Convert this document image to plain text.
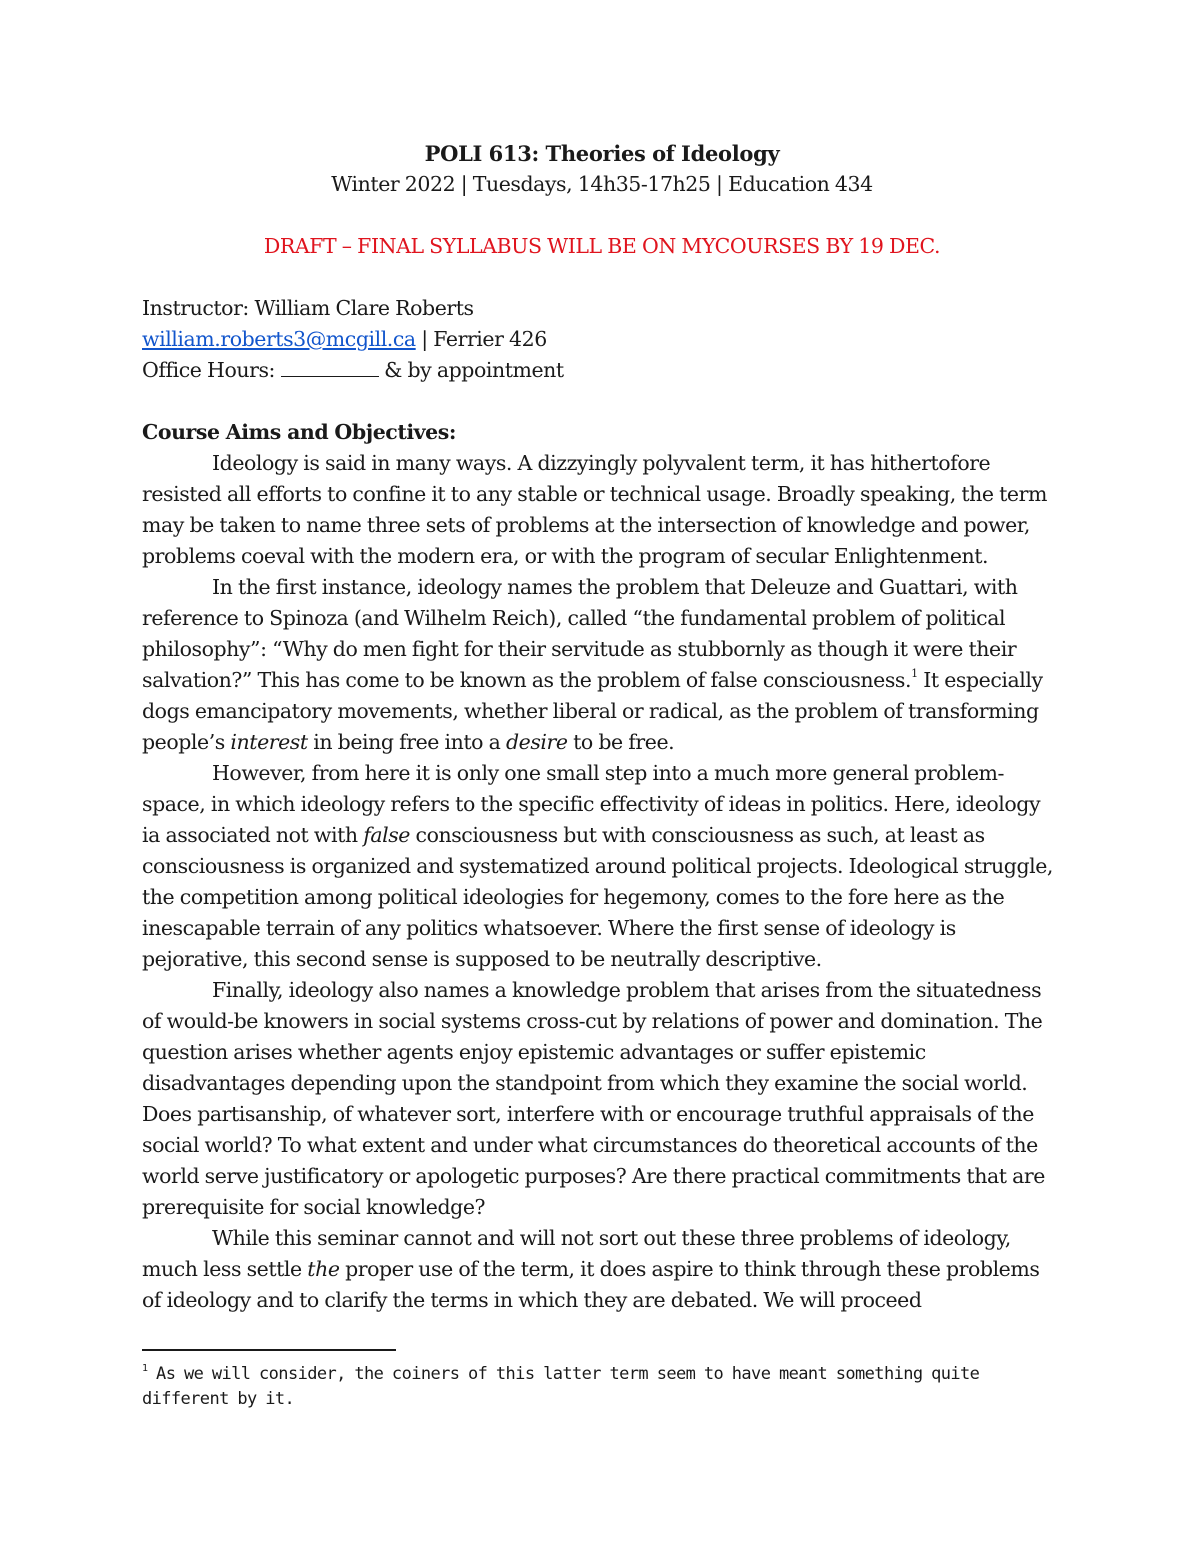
POLI 613: Theories of Ideology

Winter 2022 | Tuesdays, 14h35-17h25 | Education 434

DRAFT – FINAL SYLLABUS WILL BE ON MYCOURSES BY 19 DEC.

Instructor: William Clare Roberts

william.roberts3@mcgill.ca | Ferrier 426

Office Hours:	& by appointment

Course Aims and Objectives:

Ideology is said in many ways. A dizzyingly polyvalent term, it has hithertofore resisted all efforts to confine it to any stable or technical usage. Broadly speaking, the term may be taken to name three sets of problems at the intersection of knowledge and power, problems coeval with the modern era, or with the program of secular Enlightenment.

In the first instance, ideology names the problem that Deleuze and Guattari, with reference to Spinoza (and Wilhelm Reich), called “the fundamental problem of political philosophy”: “Why do men fight for their servitude as stubbornly as though it were their salvation?” This has come to be known as the problem of false consciousness.$^1$ It especially dogs emancipatory movements, whether liberal or radical, as the problem of transforming people’s interest in being free into a desire to be free.

However, from here it is only one small step into a much more general problem-space, in which ideology refers to the specific effectivity of ideas in politics. Here, ideology ia associated not with false consciousness but with consciousness as such, at least as consciousness is organized and systematized around political projects. Ideological struggle, the competition among political ideologies for hegemony, comes to the fore here as the inescapable terrain of any politics whatsoever. Where the first sense of ideology is pejorative, this second sense is supposed to be neutrally descriptive.

Finally, ideology also names a knowledge problem that arises from the situatedness of would-be knowers in social systems cross-cut by relations of power and domination. The question arises whether agents enjoy epistemic advantages or suffer epistemic disadvantages depending upon the standpoint from which they examine the social world. Does partisanship, of whatever sort, interfere with or encourage truthful appraisals of the social world? To what extent and under what circumstances do theoretical accounts of the world serve justificatory or apologetic purposes? Are there practical commitments that are prerequisite for social knowledge?

While this seminar cannot and will not sort out these three problems of ideology, much less settle the proper use of the term, it does aspire to think through these problems of ideology and to clarify the terms in which they are debated. We will proceed

$^1$ As we will consider, the coiners of this latter term seem to have meant something quite different by it.
